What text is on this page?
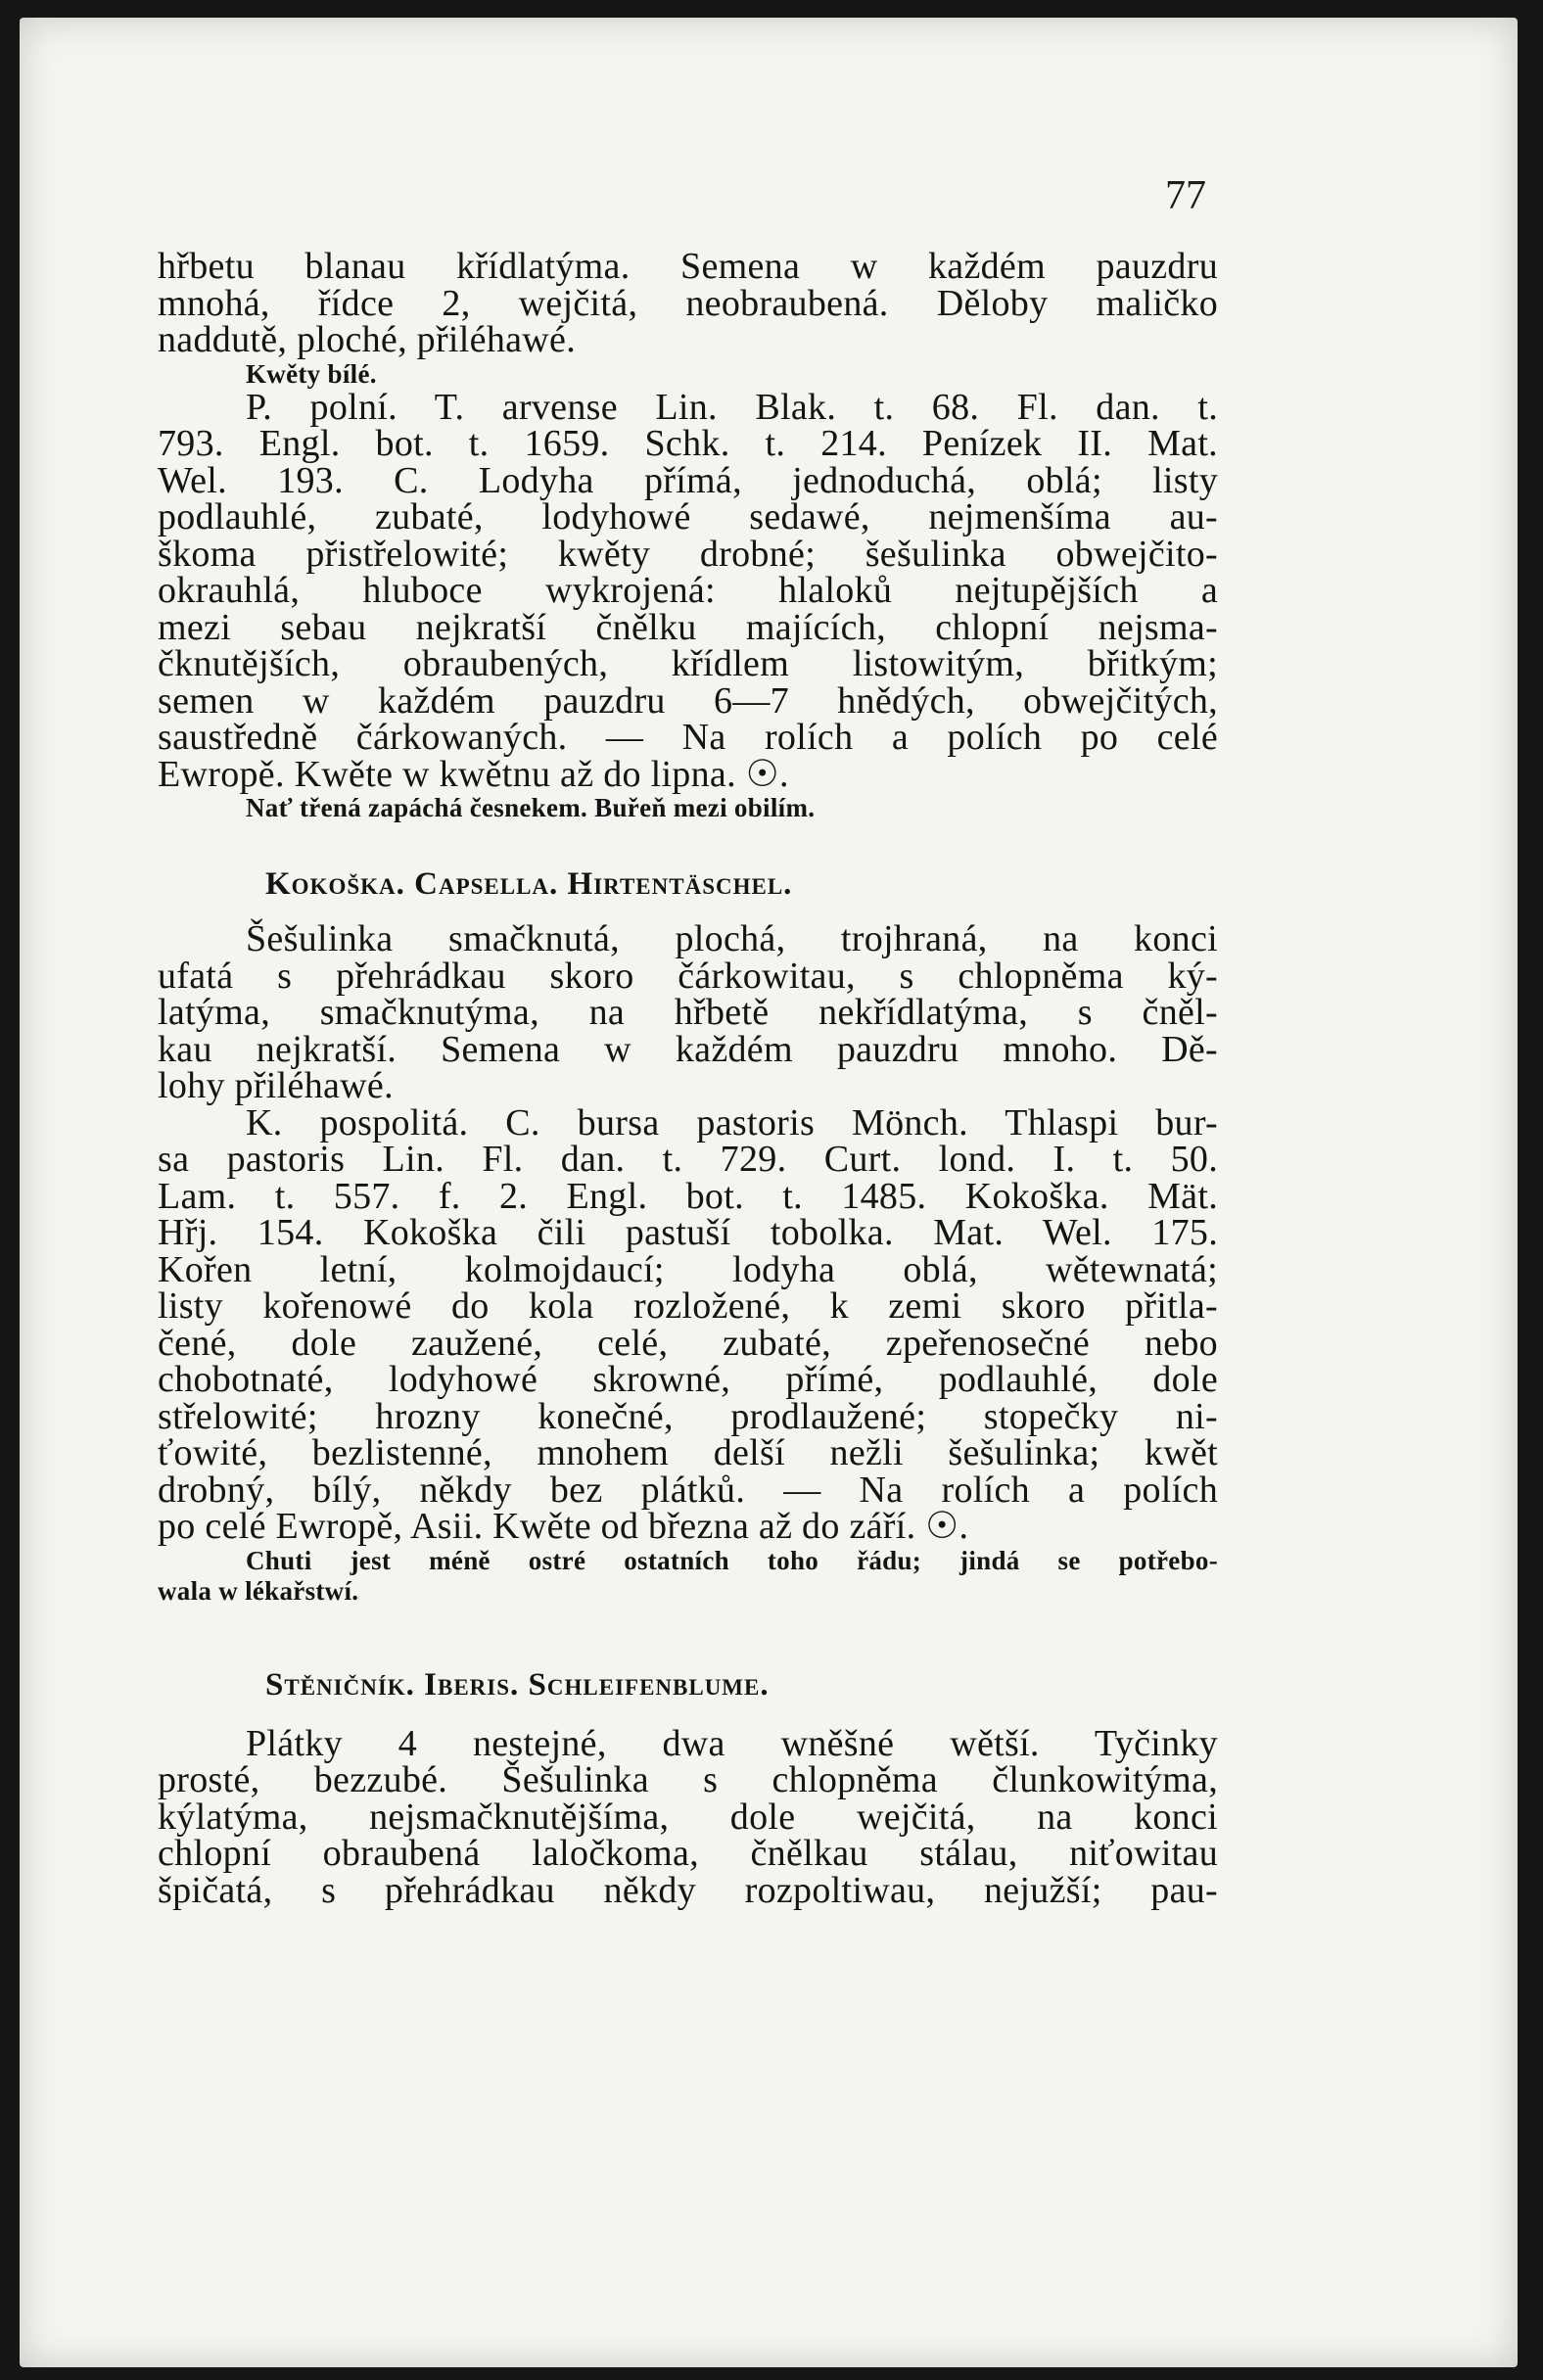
77
hřbetu blanau křídlatýma. Semena w každém pauzdru
mnohá, řídce 2, wejčitá, neobraubená. Děloby maličko
naddutě, ploché, přiléhawé.
Kwěty bílé.
P. polní. T. arvense Lin. Blak. t. 68. Fl. dan. t.
793. Engl. bot. t. 1659. Schk. t. 214. Penízek II. Mat.
Wel. 193. C. Lodyha přímá, jednoduchá, oblá; listy
podlauhlé, zubaté, lodyhowé sedawé, nejmenšíma au-
škoma přistřelowité; kwěty drobné; šešulinka obwejčito-
okrauhlá, hluboce wykrojená: hlaloků nejtupějších a
mezi sebau nejkratší čnělku majících, chlopní nejsma-
čknutějších, obraubených, křídlem listowitým, břitkým;
semen w každém pauzdru 6—7 hnědých, obwejčitých,
saustředně čárkowaných. — Na rolích a polích po celé
Ewropě. Kwěte w kwětnu až do lipna. ☉.
Nať třená zapáchá česnekem. Buřeň mezi obilím.
Kokoška. Capsella. Hirtentäschel.
Šešulinka smačknutá, plochá, trojhraná, na konci
ufatá s přehrádkau skoro čárkowitau, s chlopněma ký-
latýma, smačknutýma, na hřbetě nekřídlatýma, s čněl-
kau nejkratší. Semena w každém pauzdru mnoho. Dě-
lohy přiléhawé.
K. pospolitá. C. bursa pastoris Mönch. Thlaspi bur-
sa pastoris Lin. Fl. dan. t. 729. Curt. lond. I. t. 50.
Lam. t. 557. f. 2. Engl. bot. t. 1485. Kokoška. Mät.
Hřj. 154. Kokoška čili pastuší tobolka. Mat. Wel. 175.
Kořen letní, kolmojdaucí; lodyha oblá, wětewnatá;
listy kořenowé do kola rozložené, k zemi skoro přitla-
čené, dole zaužené, celé, zubaté, zpeřenosečné nebo
chobotnaté, lodyhowé skrowné, přímé, podlauhlé, dole
střelowité; hrozny konečné, prodlaužené; stopečky ni-
ťowité, bezlistenné, mnohem delší nežli šešulinka; kwět
drobný, bílý, někdy bez plátků. — Na rolích a polích
po celé Ewropě, Asii. Kwěte od března až do září. ☉.
Chuti jest méně ostré ostatních toho řádu; jindá se potřebo-
wala w lékařstwí.
Stěničník. Iberis. Schleifenblume.
Plátky 4 nestejné, dwa wněšné wětší. Tyčinky
prosté, bezzubé. Šešulinka s chlopněma člunkowitýma,
kýlatýma, nejsmačknutějšíma, dole wejčitá, na konci
chlopní obraubená laločkoma, čnělkau stálau, niťowitau
špičatá, s přehrádkau někdy rozpoltiwau, nejužší; pau-
